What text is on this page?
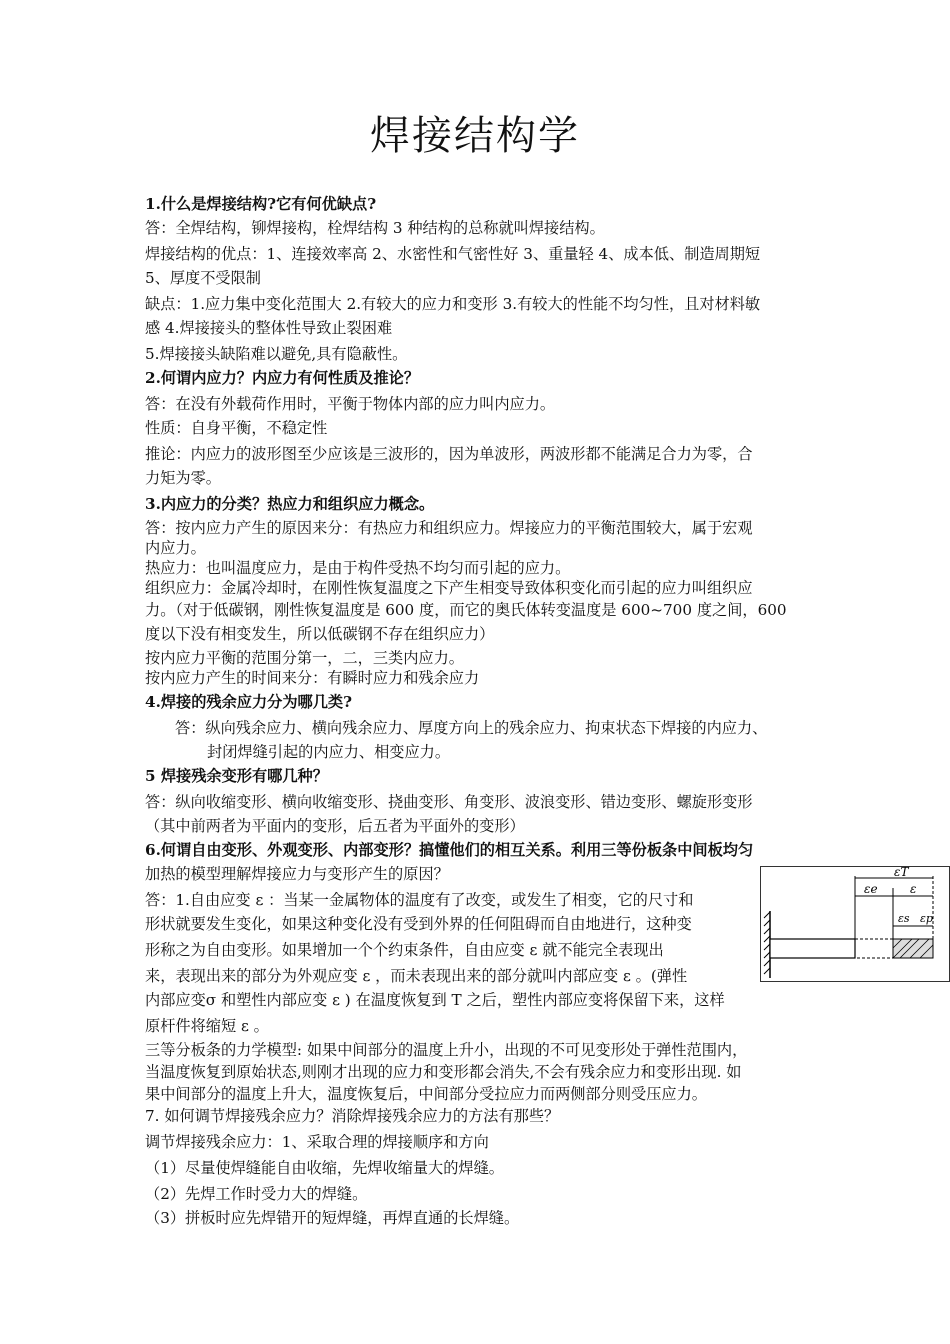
焊接结构学
1.什么是焊接结构?它有何优缺点?
答：全焊结构，铆焊接构，栓焊结构 3 种结构的总称就叫焊接结构。
焊接结构的优点：1、连接效率高 2、水密性和气密性好 3、重量轻 4、成本低、制造周期短
5、厚度不受限制
缺点：1.应力集中变化范围大 2.有较大的应力和变形 3.有较大的性能不均匀性，且对材料敏
感 4.焊接接头的整体性导致止裂困难
5.焊接接头缺陷难以避免,具有隐蔽性。
2.何谓内应力？内应力有何性质及推论？
答：在没有外载荷作用时，平衡于物体内部的应力叫内应力。
性质：自身平衡，不稳定性
推论：内应力的波形图至少应该是三波形的，因为单波形，两波形都不能满足合力为零，合
力矩为零。
3.内应力的分类？热应力和组织应力概念。
答：按内应力产生的原因来分：有热应力和组织应力。焊接应力的平衡范围较大，属于宏观
内应力。
热应力：也叫温度应力，是由于构件受热不均匀而引起的应力。
组织应力：金属冷却时，在刚性恢复温度之下产生相变导致体积变化而引起的应力叫组织应
力。（对于低碳钢，刚性恢复温度是 600 度，而它的奥氏体转变温度是 600~700 度之间，600
度以下没有相变发生，所以低碳钢不存在组织应力）
按内应力平衡的范围分第一，二，三类内应力。
按内应力产生的时间来分：有瞬时应力和残余应力
4.焊接的残余应力分为哪几类?
答：纵向残余应力、横向残余应力、厚度方向上的残余应力、拘束状态下焊接的内应力、
封闭焊缝引起的内应力、相变应力。
5 焊接残余变形有哪几种？
答：纵向收缩变形、横向收缩变形、挠曲变形、角变形、波浪变形、错边变形、螺旋形变形
（其中前两者为平面内的变形，后五者为平面外的变形）
6.何谓自由变形、外观变形、内部变形？搞懂他们的相互关系。利用三等份板条中间板均匀
加热的模型理解焊接应力与变形产生的原因？
答：1.自由应变 ε ：当某一金属物体的温度有了改变，或发生了相变，它的尺寸和
形状就要发生变化，如果这种变化没有受到外界的任何阻碍而自由地进行，这种变
形称之为自由变形。如果增加一个个约束条件，自由应变 ε 就不能完全表现出
来，表现出来的部分为外观应变 ε ，而未表现出来的部分就叫内部应变 ε 。(弹性
内部应变σ 和塑性内部应变 ε ) 在温度恢复到 T 之后，塑性内部应变将保留下来，这样
原杆件将缩短 ε 。
三等分板条的力学模型: 如果中间部分的温度上升小，出现的不可见变形处于弹性范围内，
当温度恢复到原始状态,则刚才出现的应力和变形都会消失,不会有残余应力和变形出现. 如
果中间部分的温度上升大，温度恢复后，中间部分受拉应力而两侧部分则受压应力。
7. 如何调节焊接残余应力？消除焊接残余应力的方法有那些？
调节焊接残余应力：1、采取合理的焊接顺序和方向
（1）尽量使焊缝能自由收缩，先焊收缩量大的焊缝。
（2）先焊工作时受力大的焊缝。
（3）拼板时应先焊错开的短焊缝，再焊直通的长焊缝。
εT
εe	ε
εs εp
